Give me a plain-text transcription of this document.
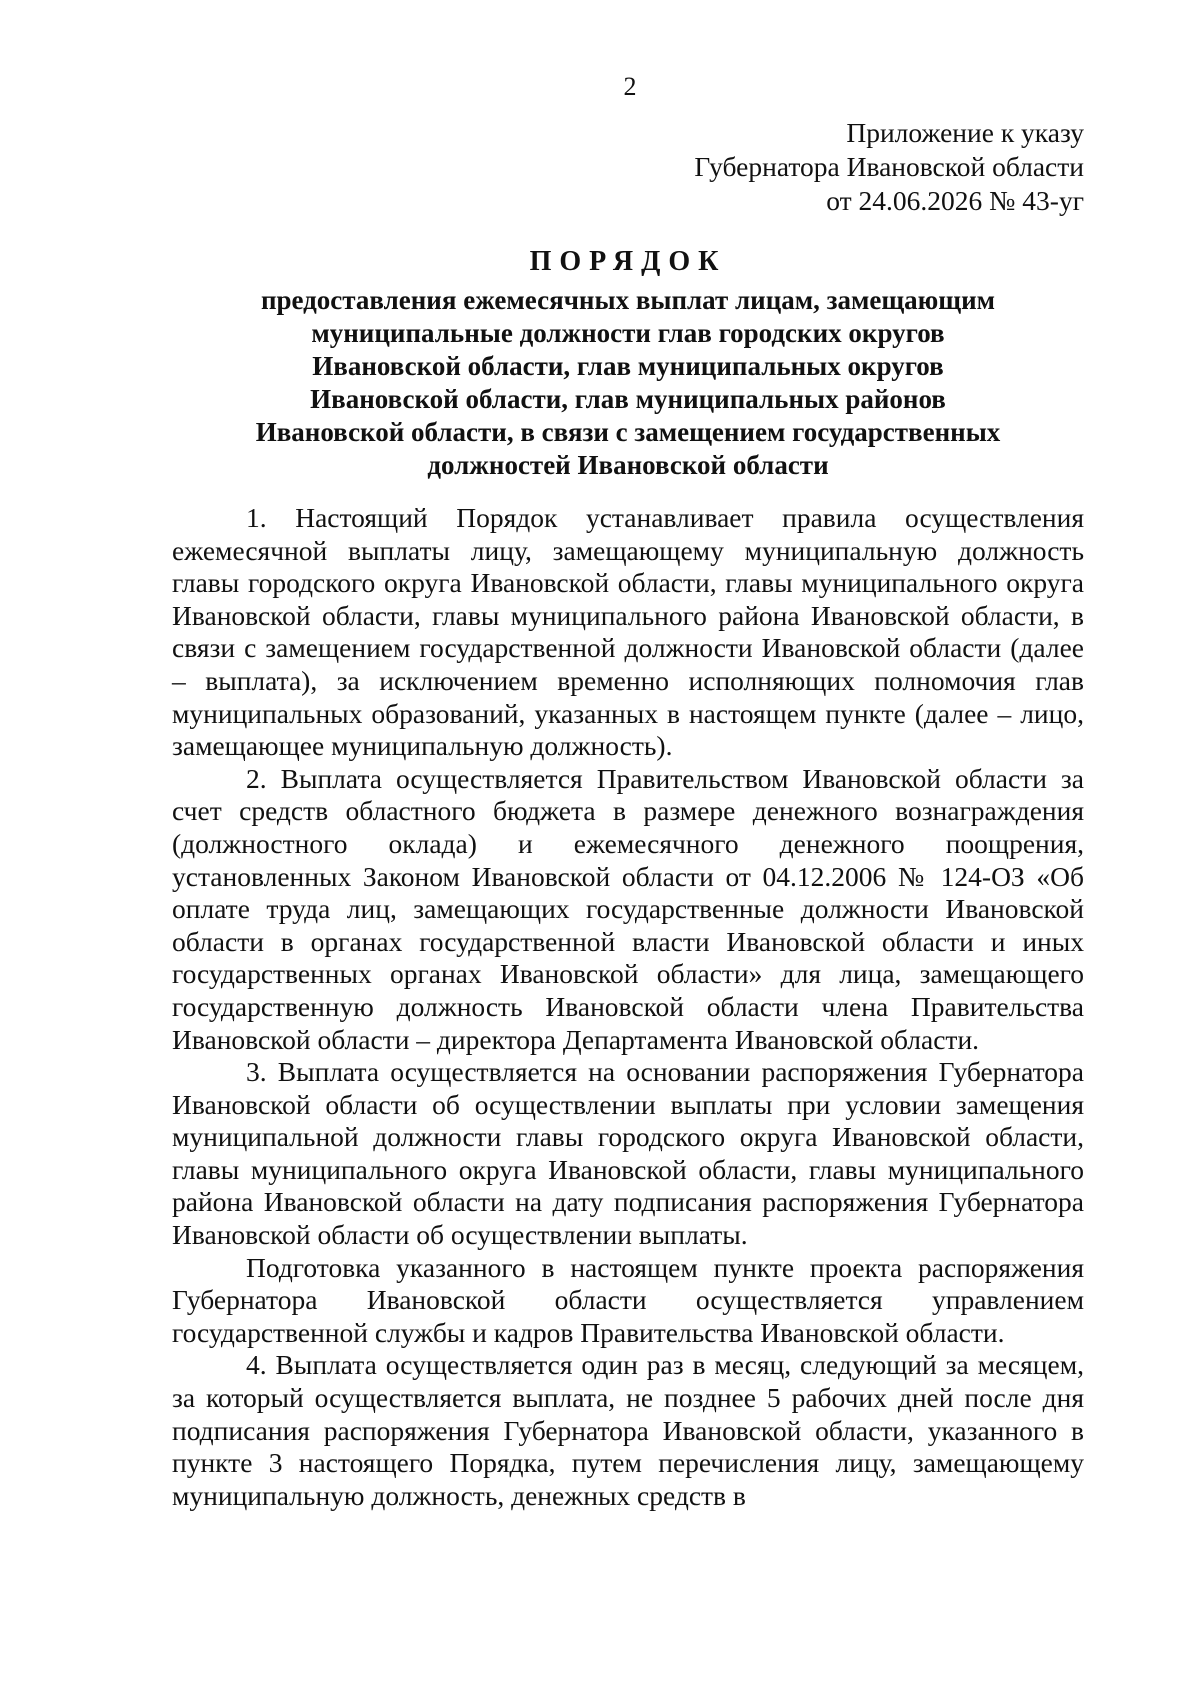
2
Приложение к указу
Губернатора Ивановской области
от 24.06.2026 № 43-уг
ПОРЯДОК
предоставления ежемесячных выплат лицам, замещающим
муниципальные должности глав городских округов
Ивановской области, глав муниципальных округов
Ивановской области, глав муниципальных районов
Ивановской области, в связи с замещением государственных
должностей Ивановской области

1. Настоящий Порядок устанавливает правила осуществления ежемесячной выплаты лицу, замещающему муниципальную должность главы городского округа Ивановской области, главы муниципального округа Ивановской области, главы муниципального района Ивановской области, в связи с замещением государственной должности Ивановской области (далее – выплата), за исключением временно исполняющих полномочия глав муниципальных образований, указанных в настоящем пункте (далее – лицо, замещающее муниципальную должность).

2. Выплата осуществляется Правительством Ивановской области за счет средств областного бюджета в размере денежного вознаграждения (должностного оклада) и ежемесячного денежного поощрения, установленных Законом Ивановской области от 04.12.2006 № 124-ОЗ «Об оплате труда лиц, замещающих государственные должности Ивановской области в органах государственной власти Ивановской области и иных государственных органах Ивановской области» для лица, замещающего государственную должность Ивановской области члена Правительства Ивановской области – директора Департамента Ивановской области.

3. Выплата осуществляется на основании распоряжения Губернатора Ивановской области об осуществлении выплаты при условии замещения муниципальной должности главы городского округа Ивановской области, главы муниципального округа Ивановской области, главы муниципального района Ивановской области на дату подписания распоряжения Губернатора Ивановской области об осуществлении выплаты.

Подготовка указанного в настоящем пункте проекта распоряжения Губернатора Ивановской области осуществляется управлением государственной службы и кадров Правительства Ивановской области.

4. Выплата осуществляется один раз в месяц, следующий за месяцем, за который осуществляется выплата, не позднее 5 рабочих дней после дня подписания распоряжения Губернатора Ивановской области, указанного в пункте 3 настоящего Порядка, путем перечисления лицу, замещающему муниципальную должность, денежных средств в
